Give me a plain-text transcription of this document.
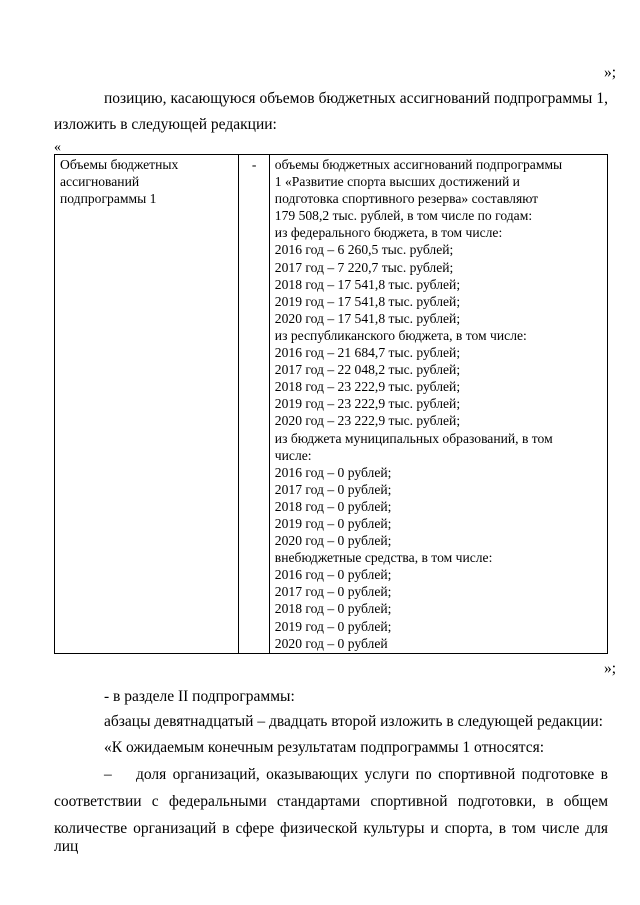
»;
позицию, касающуюся объемов бюджетных ассигнований подпрограммы 1,
изложить в следующей редакции:
«
Объемы бюджетных
ассигнований
подпрограммы 1
	-	объемы бюджетных ассигнований подпрограммы
1 «Развитие спорта высших достижений и
подготовка спортивного резерва» составляют
179 508,2 тыс. рублей, в том числе по годам:
из федерального бюджета, в том числе:
2016 год – 6 260,5 тыс. рублей;
2017 год – 7 220,7 тыс. рублей;
2018 год – 17 541,8 тыс. рублей;
2019 год – 17 541,8 тыс. рублей;
2020 год – 17 541,8 тыс. рублей;
из республиканского бюджета, в том числе:
2016 год – 21 684,7 тыс. рублей;
2017 год – 22 048,2 тыс. рублей;
2018 год – 23 222,9 тыс. рублей;
2019 год – 23 222,9 тыс. рублей;
2020 год – 23 222,9 тыс. рублей;
из бюджета муниципальных образований, в том
числе:
2016 год – 0 рублей;
2017 год – 0 рублей;
2018 год – 0 рублей;
2019 год – 0 рублей;
2020 год – 0 рублей;
внебюджетные средства, в том числе:
2016 год – 0 рублей;
2017 год – 0 рублей;
2018 год – 0 рублей;
2019 год – 0 рублей;
2020 год – 0 рублей
»;
- в разделе II подпрограммы:
абзацы девятнадцатый – двадцать второй изложить в следующей редакции:
«К ожидаемым конечным результатам подпрограммы 1 относятся:
– доля организаций, оказывающих услуги по спортивной подготовке в
соответствии с федеральными стандартами спортивной подготовки, в общем
количестве организаций в сфере физической культуры и спорта, в том числе для лиц
